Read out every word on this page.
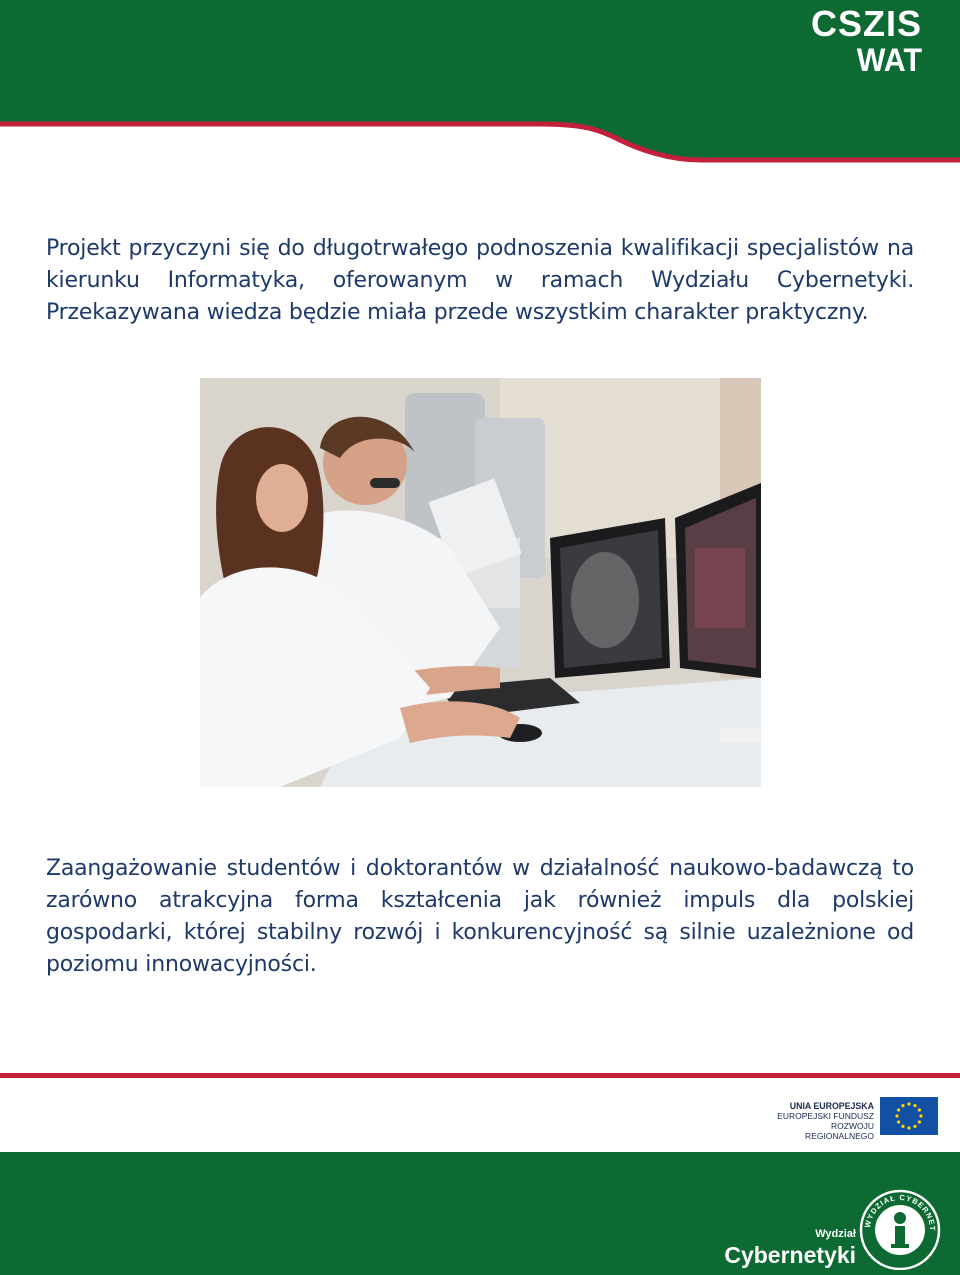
CSZIS
WAT

Projekt przyczyni się do długotrwałego podnoszenia kwalifikacji specjalistów na kierunku Informatyka, oferowanym w ramach Wydziału Cybernetyki. Przekazywana wiedza będzie miała przede wszystkim charakter praktyczny.

Zaangażowanie studentów i doktorantów w działalność naukowo-badawczą to zarówno atrakcyjna forma kształcenia jak również impuls dla polskiej gospodarki, której stabilny rozwój i konkurencyjność są silnie uzależnione od poziomu innowacyjności.

UNIA EUROPEJSKA
EUROPEJSKI FUNDUSZ
ROZWOJU REGIONALNEGO
Wydział
Cybernetyki
WYDZIAŁ CYBERNET
